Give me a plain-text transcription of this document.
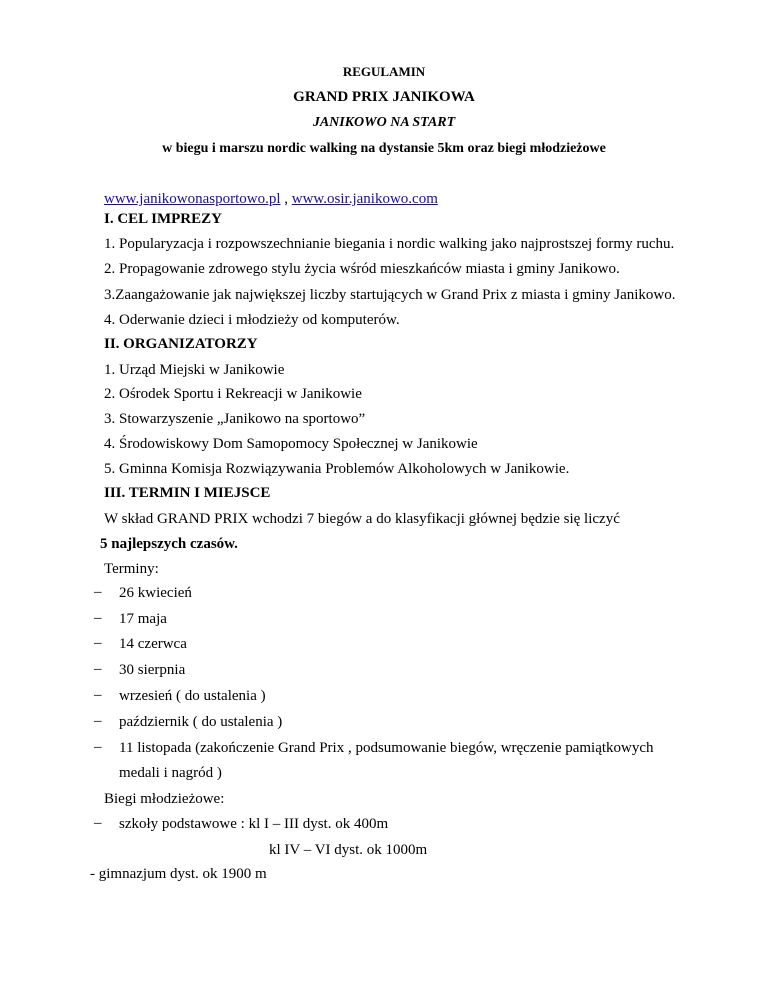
REGULAMIN
GRAND PRIX JANIKOWA
JANIKOWO NA START
w biegu i marszu nordic walking na dystansie 5km oraz biegi młodzieżowe
www.janikowonasportowo.pl , www.osir.janikowo.com
I. CEL IMPREZY
1. Popularyzacja i rozpowszechnianie biegania i nordic walking jako najprostszej formy ruchu.
2. Propagowanie zdrowego stylu życia wśród mieszkańców miasta i gminy Janikowo.
3.Zaangażowanie jak największej liczby startujących w Grand Prix z miasta i gminy Janikowo.
4. Oderwanie dzieci i młodzieży od komputerów.
II. ORGANIZATORZY
1. Urząd Miejski w Janikowie
2. Ośrodek Sportu i Rekreacji w Janikowie
3. Stowarzyszenie „Janikowo na sportowo”
4. Środowiskowy Dom Samopomocy Społecznej w Janikowie
5. Gminna Komisja Rozwiązywania Problemów Alkoholowych w Janikowie.
III. TERMIN I MIEJSCE
W skład GRAND PRIX wchodzi 7 biegów a do klasyfikacji głównej będzie się liczyć
5 najlepszych czasów.
Terminy:
– 26 kwiecień
– 17 maja
– 14 czerwca
– 30 sierpnia
– wrzesień ( do ustalenia )
– październik ( do ustalenia )
– 11 listopada (zakończenie Grand Prix , podsumowanie biegów, wręczenie pamiątkowych
medali i nagród )
Biegi młodzieżowe:
– szkoły podstawowe : kl I – III dyst. ok 400m
kl IV – VI dyst. ok 1000m
- gimnazjum dyst. ok 1900 m
